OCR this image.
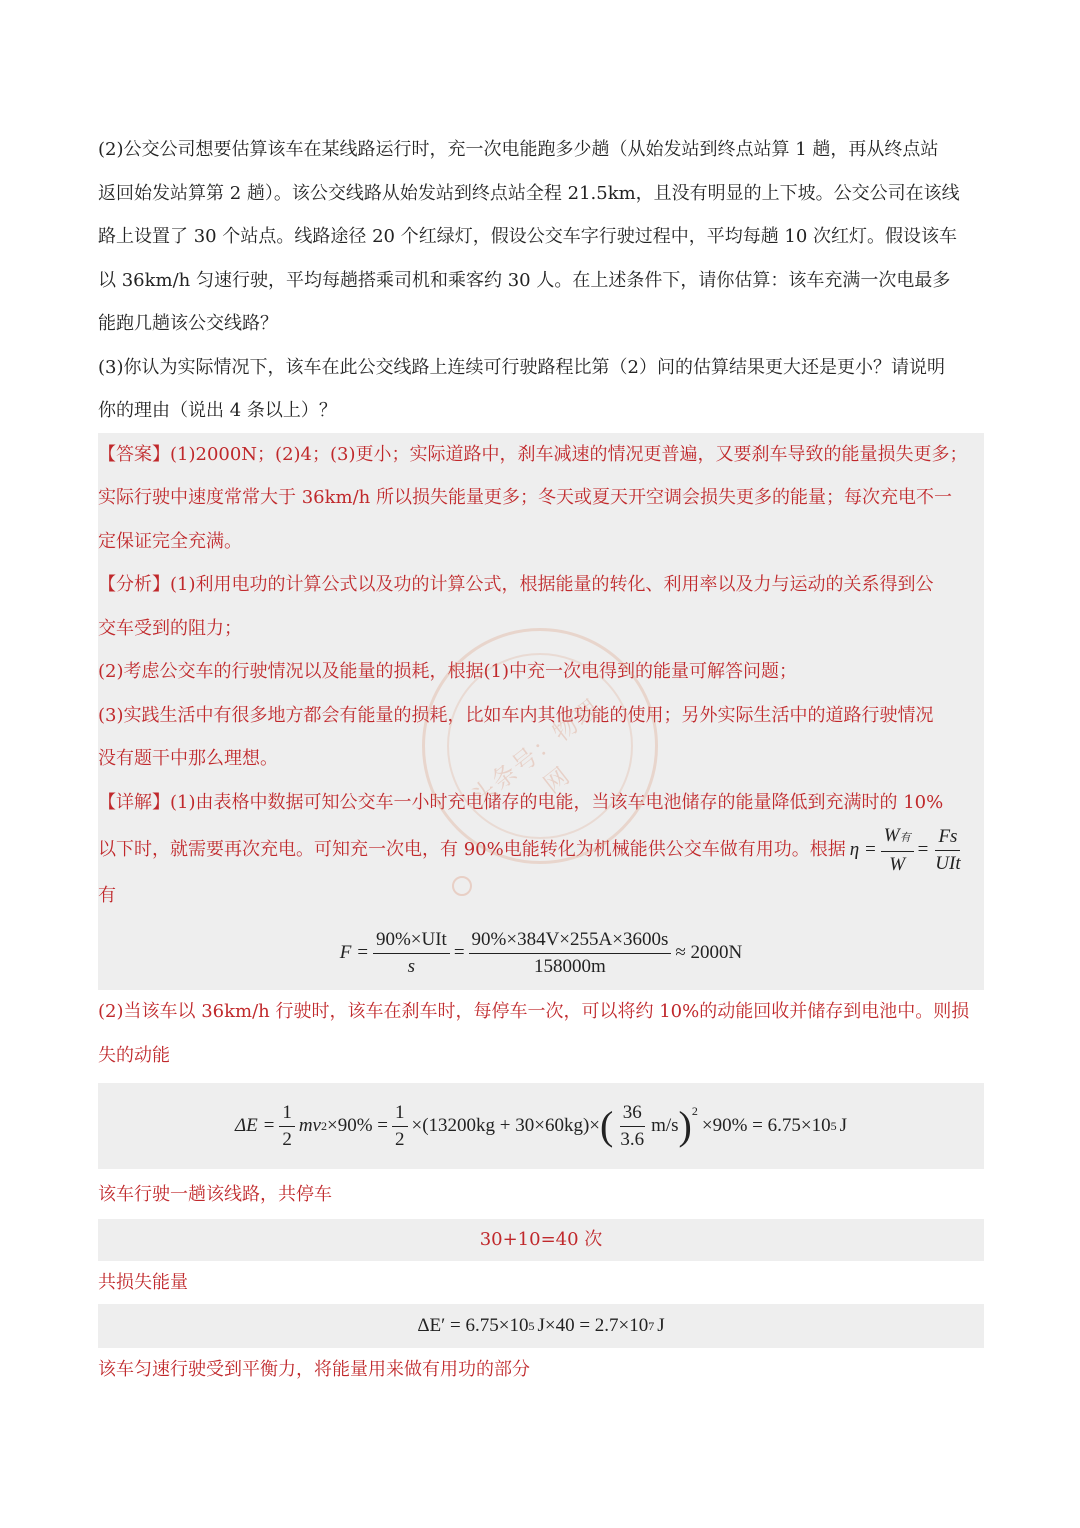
(2)公交公司想要估算该车在某线路运行时，充一次电能跑多少趟（从始发站到终点站算 1 趟，再从终点站
返回始发站算第 2 趟）。该公交线路从始发站到终点站全程 21.5km，且没有明显的上下坡。公交公司在该线
路上设置了 30 个站点。线路途径 20 个红绿灯，假设公交车字行驶过程中，平均每趟 10 次红灯。假设该车
以 36km/h 匀速行驶，平均每趟搭乘司机和乘客约 30 人。在上述条件下，请你估算：该车充满一次电最多
能跑几趟该公交线路？
(3)你认为实际情况下，该车在此公交线路上连续可行驶路程比第（2）问的估算结果更大还是更小？请说明
你的理由（说出 4 条以上）？
【答案】(1)2000N；(2)4；(3)更小；实际道路中，刹车减速的情况更普遍，又要刹车导致的能量损失更多；
实际行驶中速度常常大于 36km/h 所以损失能量更多；冬天或夏天开空调会损失更多的能量；每次充电不一
定保证完全充满。
【分析】(1)利用电功的计算公式以及功的计算公式，根据能量的转化、利用率以及力与运动的关系得到公
交车受到的阻力；
(2)考虑公交车的行驶情况以及能量的损耗，根据(1)中充一次电得到的能量可解答问题；
(3)实践生活中有很多地方都会有能量的损耗，比如车内其他功能的使用；另外实际生活中的道路行驶情况
没有题干中那么理想。
【详解】(1)由表格中数据可知公交车一小时充电储存的电能，当该车电池储存的能量降低到充满时的 10%
以下时，就需要再次充电。可知充一次电，有 90%电能转化为机械能供公交车做有用功。根据 $\eta = \frac{\text{W有}}{W} = \frac{Fs}{\text{UIt}}$
有
$F = \frac{\text{90\%×UIt}}{s} = \frac{90\%\times 384V\times 255A\times 3600s}{158000m} \approx 2000N$
(2)当该车以 36km/h 行驶时，该车在刹车时，每停车一次，可以将约 10%的动能回收并储存到电池中。则损
失的动能
$\Delta E = \frac{1}{2}$ mv $2 \times 90\% = \frac{1}{2} \times(13200kg + 30\times 60kg)\times$ ( $\frac{36}{3.6} m/s$ )$^2$
×90% = 6.75×10 5 J
该车行驶一趟该线路，共停车
30+10=40 次
共损失能量
ΔE′ = 6.75×10 5 J×40 = 2.7×10 7 J
该车匀速行驶受到平衡力，将能量用来做有用功的部分
头条号：物理网
